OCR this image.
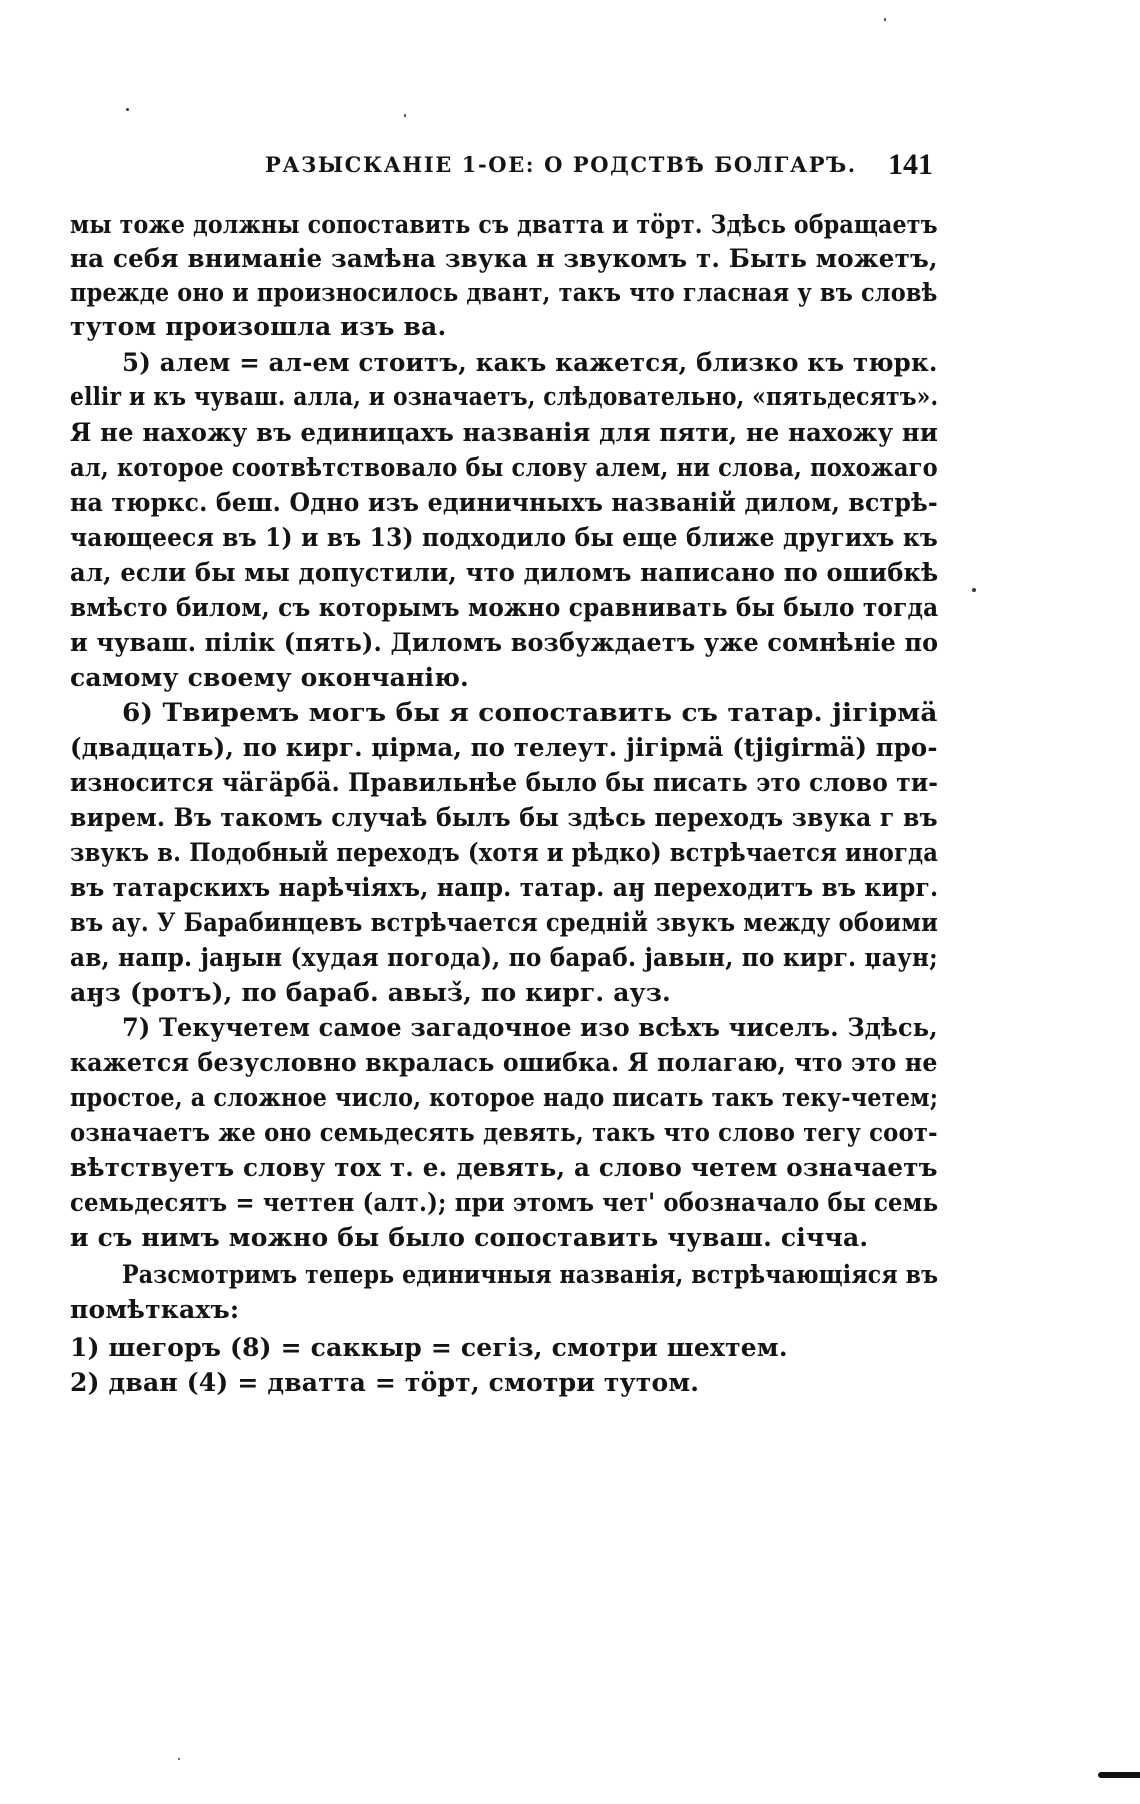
РАЗЫСКАНIЕ 1-ОЕ: О РОДСТВѢ БОЛГАРЪ. 141
мы тоже должны сопоставить съ дватта и тöрт. Здѣсь обращаетъ
на себя вниманіе замѣна звука н звукомъ т. Быть можетъ,
прежде оно и произносилось двант, такъ что гласная у въ словѣ
тутом произошла изъ ва.
5) алем = ал-ем стоитъ, какъ кажется, близко къ тюрк.
ellir и къ чуваш. алла, и означаетъ, слѣдовательно, «пятьдесятъ».
Я не нахожу въ единицахъ названія для пяти, не нахожу ни
ал, которое соотвѣтствовало бы слову алем, ни слова, похожаго
на тюркс. беш. Одно изъ единичныхъ названій дилом, встрѣ-
чающееся въ 1) и въ 13) подходило бы еще ближе другихъ къ
ал, если бы мы допустили, что диломъ написано по ошибкѣ
вмѣсто билом, съ которымъ можно сравнивать бы было тогда
и чуваш. пiлiк (пять). Диломъ возбуждаетъ уже сомнѣніе по
самому своему окончанію.
6) Твиремъ могъ бы я сопоставить съ татар. jiгiрмä
(двадцать), по кирг. џiрма, по телеут. jiгiрмä (tjigirmä) про-
износится чäгäрбä. Правильнѣе было бы писать это слово ти-
вирем. Въ такомъ случаѣ былъ бы здѣсь переходъ звука г въ
звукъ в. Подобный переходъ (хотя и рѣдко) встрѣчается иногда
въ татарскихъ нарѣчіяхъ, напр. татар. аӈ переходитъ въ кирг.
въ ау. У Барабинцевъ встрѣчается средній звукъ между обоими
ав, напр. jаӈын (худая погода), по бараб. jавын, по кирг. џаун;
аӈз (ротъ), по бараб. авыз̌, по кирг. ауз.
7) Текучетем самое загадочное изо всѣхъ чиселъ. Здѣсь,
кажется безусловно вкралась ошибка. Я полагаю, что это не
простое, а сложное число, которое надо писать такъ теку-четем;
означаетъ же оно семьдесять девять, такъ что слово тегу соот-
вѣтствуетъ слову тох т. е. девять, а слово четем означаетъ
семьдесятъ = четтен (алт.); при этомъ чет' обозначало бы семь
и съ нимъ можно бы было сопоставить чуваш. сiчча.
Разсмотримъ теперь единичныя названія, встрѣчающіяся въ
помѣткахъ:
1) шегоръ (8) = саккыр = сегiз, смотри шехтем.
2) дван (4) = дватта = тöрт, смотри тутом.
